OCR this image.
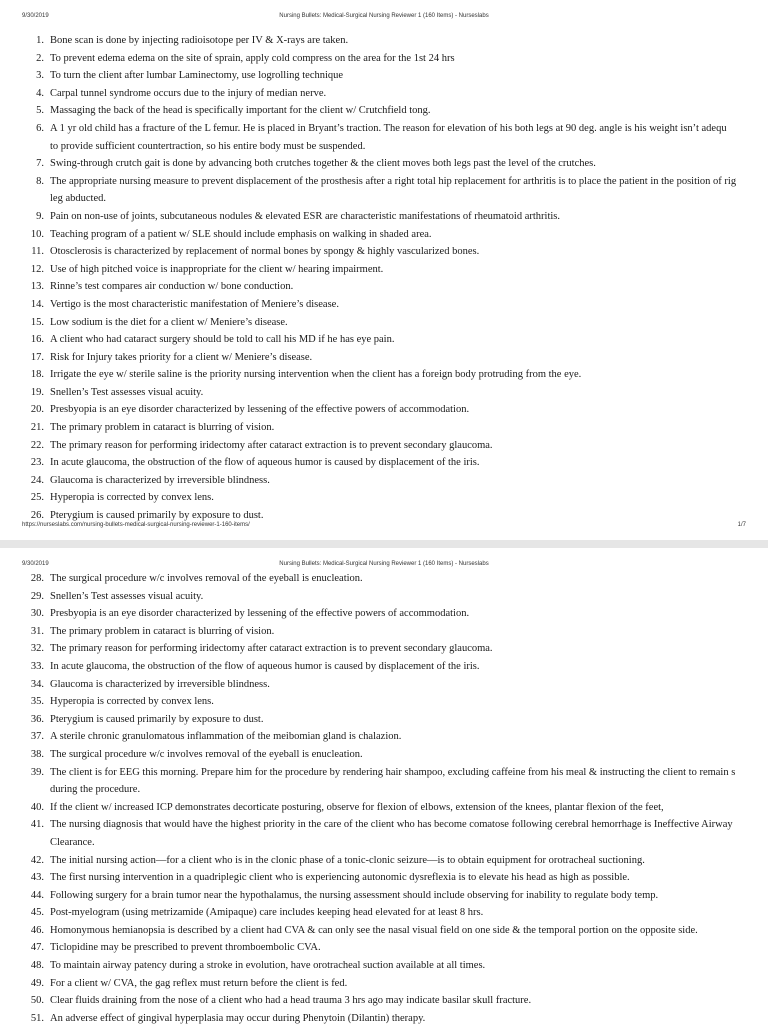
9/30/2019	Nursing Bullets: Medical-Surgical Nursing Reviewer 1 (160 Items) - Nurseslabs
1. Bone scan is done by injecting radioisotope per IV & X-rays are taken.
2. To prevent edema edema on the site of sprain, apply cold compress on the area for the 1st 24 hrs
3. To turn the client after lumbar Laminectomy, use logrolling technique
4. Carpal tunnel syndrome occurs due to the injury of median nerve.
5. Massaging the back of the head is specifically important for the client w/ Crutchfield tong.
6. A 1 yr old child has a fracture of the L femur. He is placed in Bryant’s traction. The reason for elevation of his both legs at 90 deg. angle is his weight isn’t adequ
to provide sufficient countertraction, so his entire body must be suspended.
7. Swing-through crutch gait is done by advancing both crutches together & the client moves both legs past the level of the crutches.
8. The appropriate nursing measure to prevent displacement of the prosthesis after a right total hip replacement for arthritis is to place the patient in the position of rig
leg abducted.
9. Pain on non-use of joints, subcutaneous nodules & elevated ESR are characteristic manifestations of rheumatoid arthritis.
10. Teaching program of a patient w/ SLE should include emphasis on walking in shaded area.
11. Otosclerosis is characterized by replacement of normal bones by spongy & highly vascularized bones.
12. Use of high pitched voice is inappropriate for the client w/ hearing impairment.
13. Rinne’s test compares air conduction w/ bone conduction.
14. Vertigo is the most characteristic manifestation of Meniere’s disease.
15. Low sodium is the diet for a client w/ Meniere’s disease.
16. A client who had cataract surgery should be told to call his MD if he has eye pain.
17. Risk for Injury takes priority for a client w/ Meniere’s disease.
18. Irrigate the eye w/ sterile saline is the priority nursing intervention when the client has a foreign body protruding from the eye.
19. Snellen’s Test assesses visual acuity.
20. Presbyopia is an eye disorder characterized by lessening of the effective powers of accommodation.
21. The primary problem in cataract is blurring of vision.
22. The primary reason for performing iridectomy after cataract extraction is to prevent secondary glaucoma.
23. In acute glaucoma, the obstruction of the flow of aqueous humor is caused by displacement of the iris.
24. Glaucoma is characterized by irreversible blindness.
25. Hyperopia is corrected by convex lens.
26. Pterygium is caused primarily by exposure to dust.
https://nurseslabs.com/nursing-bullets-medical-surgical-nursing-reviewer-1-160-items/	1/7
9/30/2019	Nursing Bullets: Medical-Surgical Nursing Reviewer 1 (160 Items) - Nurseslabs
28. The surgical procedure w/c involves removal of the eyeball is enucleation.
29. Snellen’s Test assesses visual acuity.
30. Presbyopia is an eye disorder characterized by lessening of the effective powers of accommodation.
31. The primary problem in cataract is blurring of vision.
32. The primary reason for performing iridectomy after cataract extraction is to prevent secondary glaucoma.
33. In acute glaucoma, the obstruction of the flow of aqueous humor is caused by displacement of the iris.
34. Glaucoma is characterized by irreversible blindness.
35. Hyperopia is corrected by convex lens.
36. Pterygium is caused primarily by exposure to dust.
37. A sterile chronic granulomatous inflammation of the meibomian gland is chalazion.
38. The surgical procedure w/c involves removal of the eyeball is enucleation.
39. The client is for EEG this morning. Prepare him for the procedure by rendering hair shampoo, excluding caffeine from his meal & instructing the client to remain s
during the procedure.
40. If the client w/ increased ICP demonstrates decorticate posturing, observe for flexion of elbows, extension of the knees, plantar flexion of the feet,
41. The nursing diagnosis that would have the highest priority in the care of the client who has become comatose following cerebral hemorrhage is Ineffective Airway
Clearance.
42. The initial nursing action—for a client who is in the clonic phase of a tonic-clonic seizure—is to obtain equipment for orotracheal suctioning.
43. The first nursing intervention in a quadriplegic client who is experiencing autonomic dysreflexia is to elevate his head as high as possible.
44. Following surgery for a brain tumor near the hypothalamus, the nursing assessment should include observing for inability to regulate body temp.
45. Post-myelogram (using metrizamide (Amipaque) care includes keeping head elevated for at least 8 hrs.
46. Homonymous hemianopsia is described by a client had CVA & can only see the nasal visual field on one side & the temporal portion on the opposite side.
47. Ticlopidine may be prescribed to prevent thromboembolic CVA.
48. To maintain airway patency during a stroke in evolution, have orotracheal suction available at all times.
49. For a client w/ CVA, the gag reflex must return before the client is fed.
50. Clear fluids draining from the nose of a client who had a head trauma 3 hrs ago may indicate basilar skull fracture.
51. An adverse effect of gingival hyperplasia may occur during Phenytoin (Dilantin) therapy.
